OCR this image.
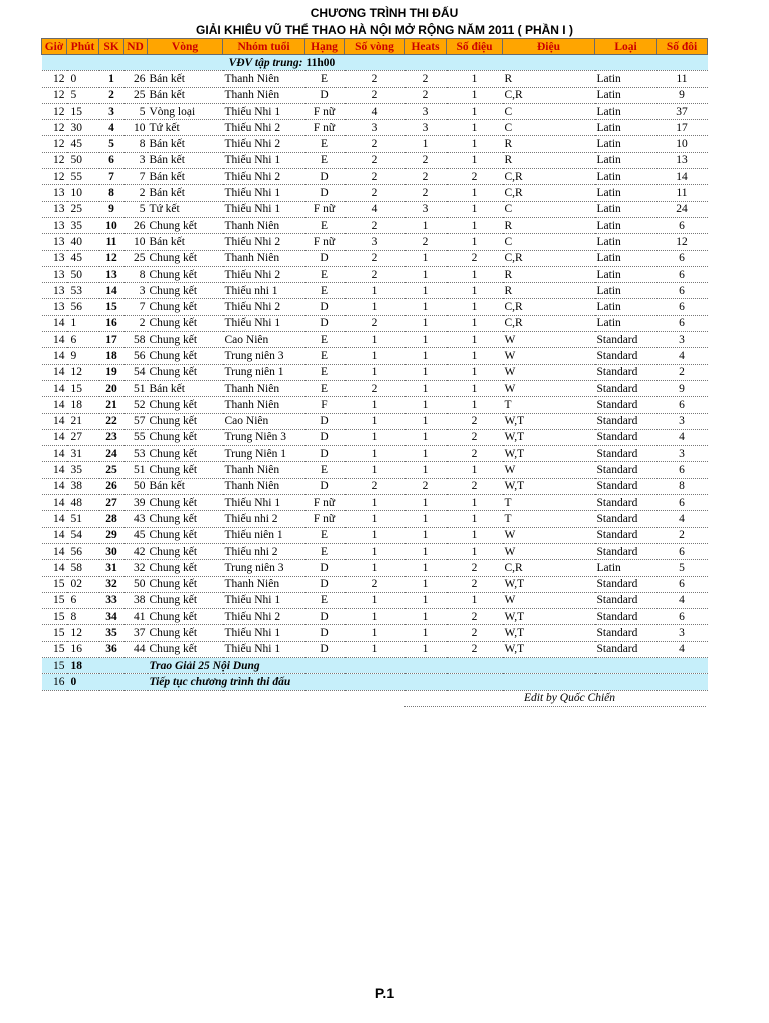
CHƯƠNG TRÌNH THI ĐẤU
GIẢI KHIÊU VŨ THỂ THAO HÀ NỘI MỞ RỘNG NĂM 2011 ( PHẦN I )
Giờ	Phút	SK	ND	Vòng	Nhóm tuổi	Hạng	Số vòng	Heats	Số điệu	Điệu	Loại	Số đôi
				VĐV tập trung:		11h00						
12	0	1	26	Bán kết	Thanh Niên	E	2	2	1	R	Latin	11
12	5	2	25	Bán kết	Thanh Niên	D	2	2	1	C,R	Latin	9
12	15	3	5	Vòng loại	Thiếu Nhi 1	F nữ	4	3	1	C	Latin	37
12	30	4	10	Tứ kết	Thiếu Nhi 2	F nữ	3	3	1	C	Latin	17
12	45	5	8	Bán kết	Thiếu Nhi 2	E	2	1	1	R	Latin	10
12	50	6	3	Bán kết	Thiếu Nhi 1	E	2	2	1	R	Latin	13
12	55	7	7	Bán kết	Thiếu Nhi 2	D	2	2	2	C,R	Latin	14
13	10	8	2	Bán kết	Thiếu Nhi 1	D	2	2	1	C,R	Latin	11
13	25	9	5	Tứ kết	Thiếu Nhi 1	F nữ	4	3	1	C	Latin	24
13	35	10	26	Chung kết	Thanh Niên	E	2	1	1	R	Latin	6
13	40	11	10	Bán kết	Thiếu Nhi 2	F nữ	3	2	1	C	Latin	12
13	45	12	25	Chung kết	Thanh Niên	D	2	1	2	C,R	Latin	6
13	50	13	8	Chung kết	Thiếu Nhi 2	E	2	1	1	R	Latin	6
13	53	14	3	Chung kết	Thiếu nhi 1	E	1	1	1	R	Latin	6
13	56	15	7	Chung kết	Thiếu Nhi 2	D	1	1	1	C,R	Latin	6
14	1	16	2	Chung kết	Thiếu Nhi 1	D	2	1	1	C,R	Latin	6
14	6	17	58	Chung kết	Cao Niên	E	1	1	1	W	Standard	3
14	9	18	56	Chung kết	Trung niên 3	E	1	1	1	W	Standard	4
14	12	19	54	Chung kết	Trung niên 1	E	1	1	1	W	Standard	2
14	15	20	51	Bán kết	Thanh Niên	E	2	1	1	W	Standard	9
14	18	21	52	Chung kết	Thanh Niên	F	1	1	1	T	Standard	6
14	21	22	57	Chung kết	Cao Niên	D	1	1	2	W,T	Standard	3
14	27	23	55	Chung kết	Trung Niên 3	D	1	1	2	W,T	Standard	4
14	31	24	53	Chung kết	Trung Niên 1	D	1	1	2	W,T	Standard	3
14	35	25	51	Chung kết	Thanh Niên	E	1	1	1	W	Standard	6
14	38	26	50	Bán kết	Thanh Niên	D	2	2	2	W,T	Standard	8
14	48	27	39	Chung kết	Thiếu Nhi 1	F nữ	1	1	1	T	Standard	6
14	51	28	43	Chung kết	Thiếu nhi 2	F nữ	1	1	1	T	Standard	4
14	54	29	45	Chung kết	Thiếu niên 1	E	1	1	1	W	Standard	2
14	56	30	42	Chung kết	Thiếu nhi 2	E	1	1	1	W	Standard	6
14	58	31	32	Chung kết	Trung niên 3	D	1	1	2	C,R	Latin	5
15	02	32	50	Chung kết	Thanh Niên	D	2	1	2	W,T	Standard	6
15	6	33	38	Chung kết	Thiếu Nhi 1	E	1	1	1	W	Standard	4
15	8	34	41	Chung kết	Thiếu Nhi 2	D	1	1	2	W,T	Standard	6
15	12	35	37	Chung kết	Thiếu Nhi 1	D	1	1	2	W,T	Standard	3
15	16	36	44	Chung kết	Thiếu Nhi 1	D	1	1	2	W,T	Standard	4
15	18			Trao Giải 25 Nội Dung								
16	0			Tiếp tục chương trình thi đấu								
Edit by Quốc Chiến
P.1
